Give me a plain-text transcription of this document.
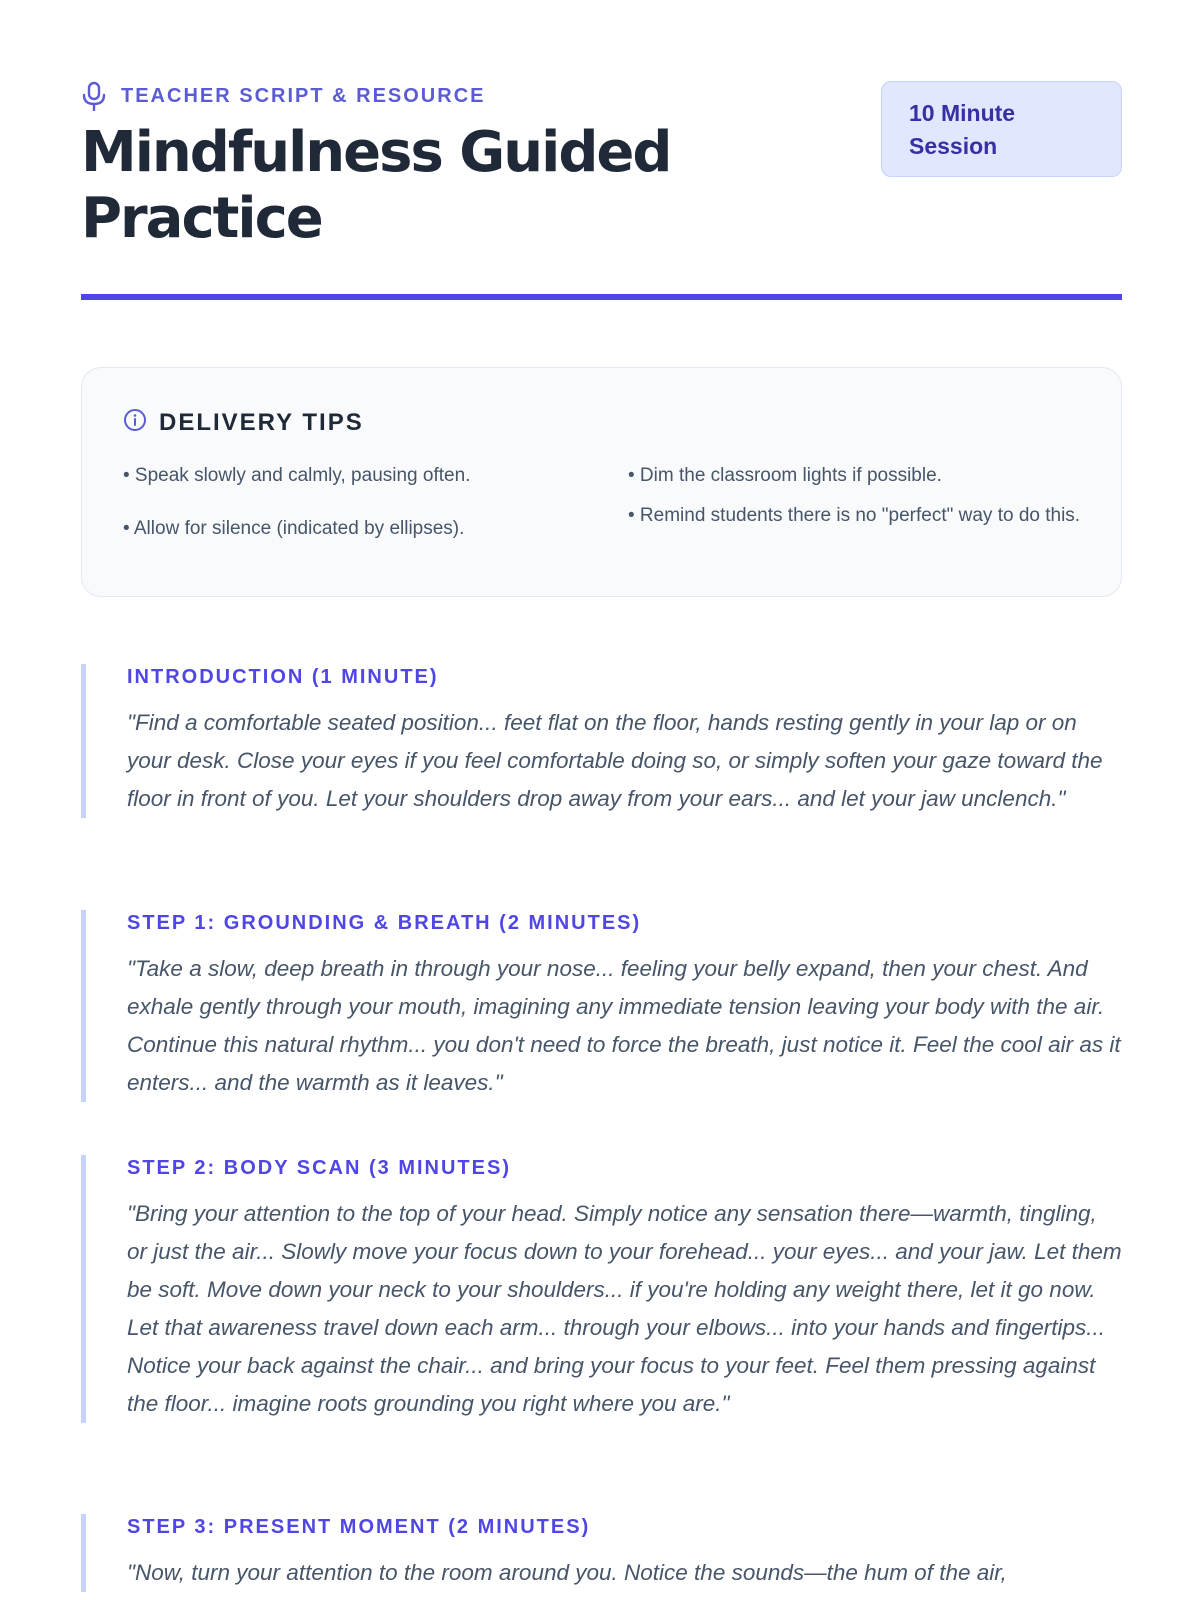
TEACHER SCRIPT & RESOURCE
Mindfulness Guided Practice
10 Minute Session
DELIVERY TIPS
• Speak slowly and calmly, pausing often.
• Allow for silence (indicated by ellipses).
• Dim the classroom lights if possible.
• Remind students there is no "perfect" way to do this.
INTRODUCTION (1 MINUTE)

"Find a comfortable seated position... feet flat on the floor, hands resting gently in your lap or on your desk. Close your eyes if you feel comfortable doing so, or simply soften your gaze toward the floor in front of you. Let your shoulders drop away from your ears... and let your jaw unclench."

STEP 1: GROUNDING & BREATH (2 MINUTES)

"Take a slow, deep breath in through your nose... feeling your belly expand, then your chest. And exhale gently through your mouth, imagining any immediate tension leaving your body with the air. Continue this natural rhythm... you don't need to force the breath, just notice it. Feel the cool air as it enters... and the warmth as it leaves."

STEP 2: BODY SCAN (3 MINUTES)

"Bring your attention to the top of your head. Simply notice any sensation there—warmth, tingling, or just the air... Slowly move your focus down to your forehead... your eyes... and your jaw. Let them be soft. Move down your neck to your shoulders... if you're holding any weight there, let it go now. Let that awareness travel down each arm... through your elbows... into your hands and fingertips... Notice your back against the chair... and bring your focus to your feet. Feel them pressing against the floor... imagine roots grounding you right where you are."

STEP 3: PRESENT MOMENT (2 MINUTES)

"Now, turn your attention to the room around you. Notice the sounds—the hum of the air,
